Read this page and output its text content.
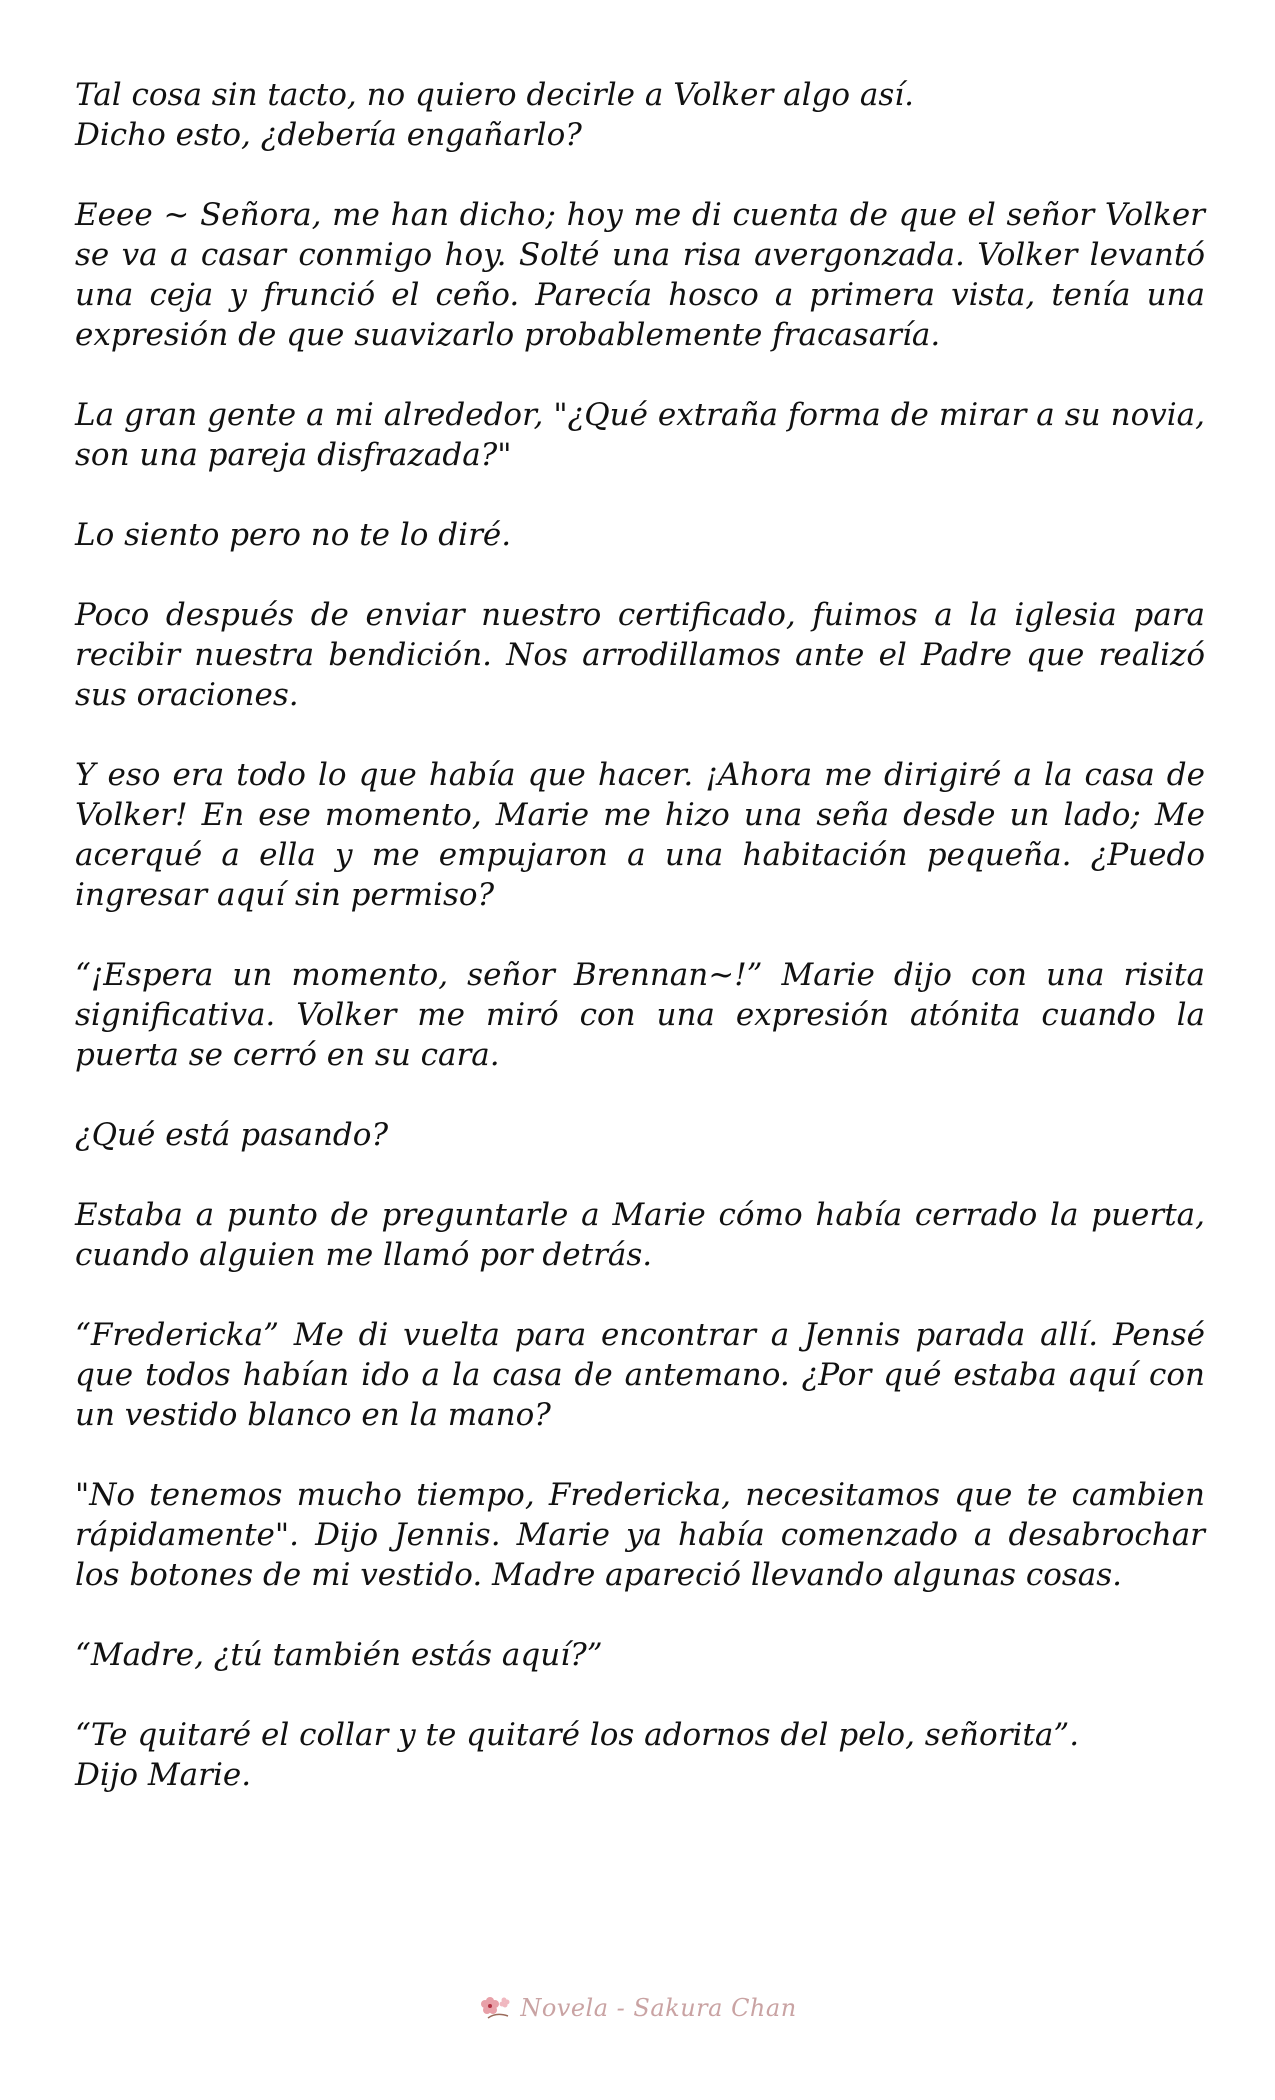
Tal cosa sin tacto, no quiero decirle a Volker algo así.
Dicho esto, ¿debería engañarlo?

Eeee ~ Señora, me han dicho; hoy me di cuenta de que el señor Volker se va a casar conmigo hoy. Solté una risa avergonzada. Volker levantó una ceja y frunció el ceño. Parecía hosco a primera vista, tenía una expresión de que suavizarlo probablemente fracasaría.

La gran gente a mi alrededor, "¿Qué extraña forma de mirar a su novia, son una pareja disfrazada?"

Lo siento pero no te lo diré.

Poco después de enviar nuestro certificado, fuimos a la iglesia para recibir nuestra bendición. Nos arrodillamos ante el Padre que realizó sus oraciones.

Y eso era todo lo que había que hacer. ¡Ahora me dirigiré a la casa de Volker! En ese momento, Marie me hizo una seña desde un lado; Me acerqué a ella y me empujaron a una habitación pequeña. ¿Puedo ingresar aquí sin permiso?

“¡Espera un momento, señor Brennan~!” Marie dijo con una risita significativa. Volker me miró con una expresión atónita cuando la puerta se cerró en su cara.

¿Qué está pasando?

Estaba a punto de preguntarle a Marie cómo había cerrado la puerta, cuando alguien me llamó por detrás.

“Fredericka” Me di vuelta para encontrar a Jennis parada allí. Pensé que todos habían ido a la casa de antemano. ¿Por qué estaba aquí con un vestido blanco en la mano?

"No tenemos mucho tiempo, Fredericka, necesitamos que te cambien rápidamente". Dijo Jennis. Marie ya había comenzado a desabrochar los botones de mi vestido. Madre apareció llevando algunas cosas.

“Madre, ¿tú también estás aquí?”

“Te quitaré el collar y te quitaré los adornos del pelo, señorita”.
Dijo Marie.

Novela - Sakura Chan
